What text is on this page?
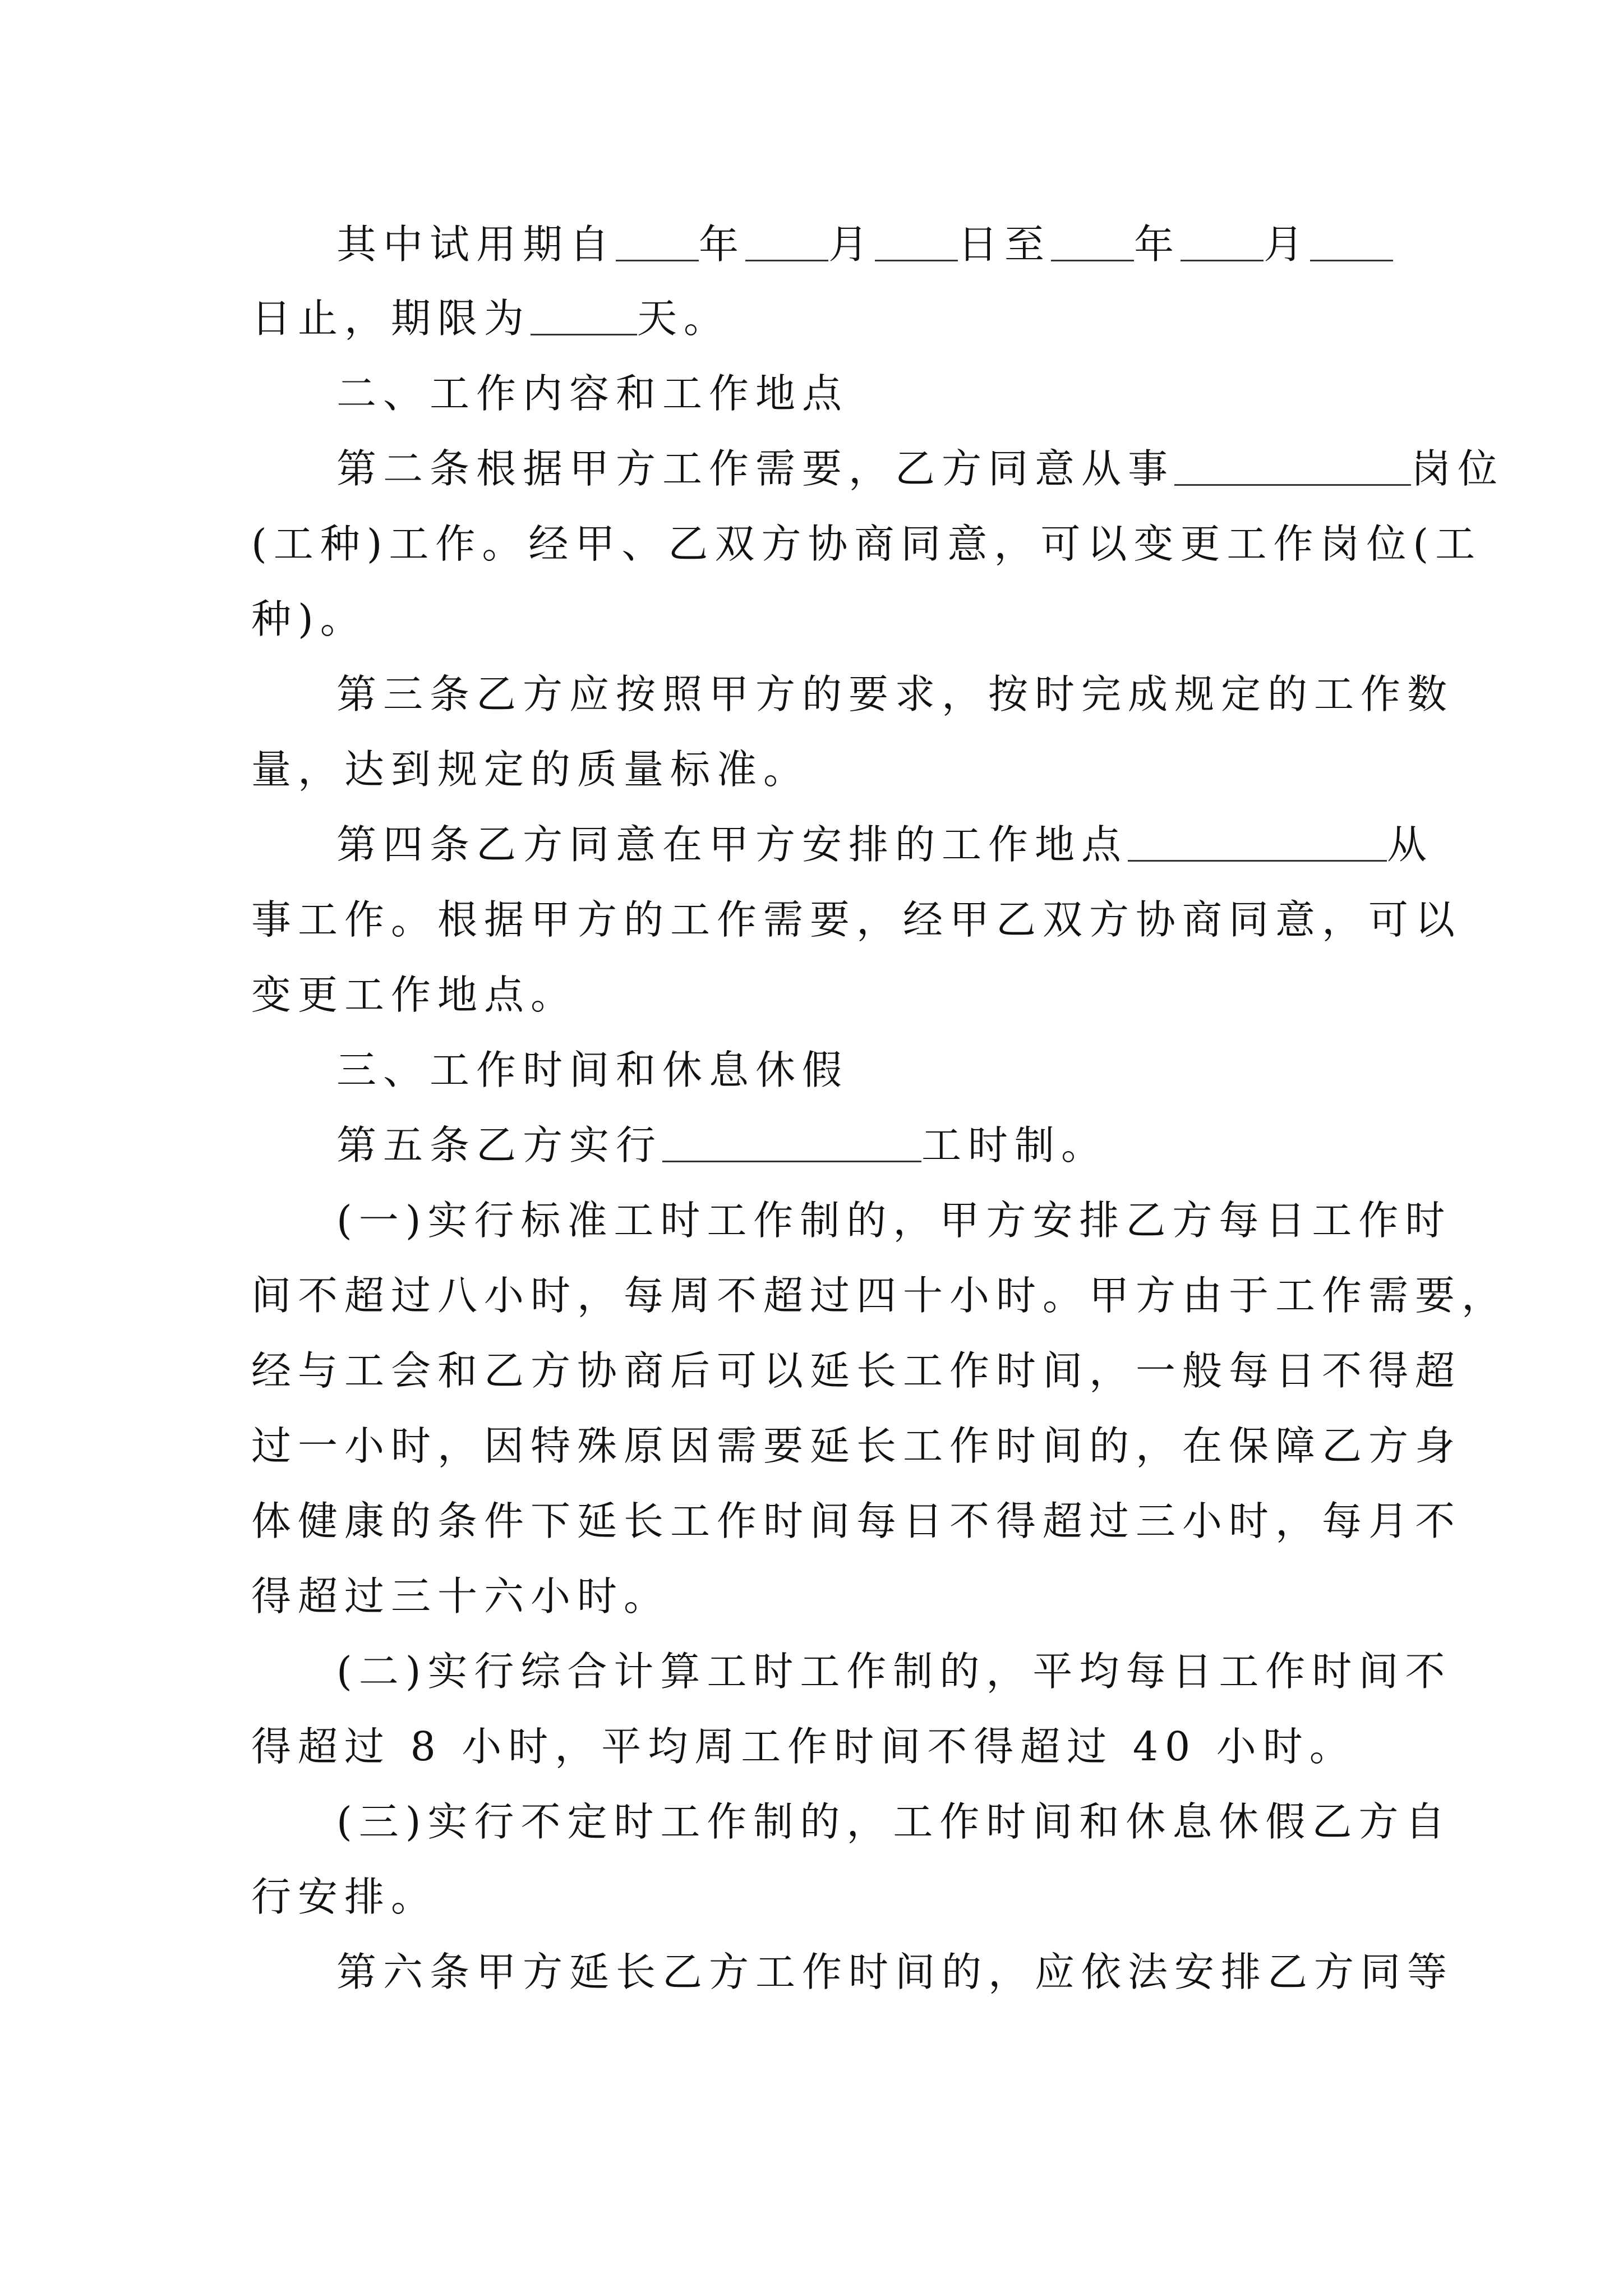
其中试用期自 年 月 日至 年 月
日止，期限为	天。
二、工作内容和工作地点
第二条根据甲方工作需要，乙方同意从事	岗位
(工种)工作。经甲、乙双方协商同意，可以变更工作岗位(工
种)。
第三条乙方应按照甲方的要求，按时完成规定的工作数
量，达到规定的质量标准。
第四条乙方同意在甲方安排的工作地点	从
事工作。根据甲方的工作需要，经甲乙双方协商同意，可以
变更工作地点。
三、工作时间和休息休假
第五条乙方实行	工时制。
(一)实行标准工时工作制的，甲方安排乙方每日工作时
间不超过八小时，每周不超过四十小时。甲方由于工作需要，
经与工会和乙方协商后可以延长工作时间，一般每日不得超
过一小时，因特殊原因需要延长工作时间的，在保障乙方身
体健康的条件下延长工作时间每日不得超过三小时，每月不
得超过三十六小时。
(二)实行综合计算工时工作制的，平均每日工作时间不
得超过 8 小时，平均周工作时间不得超过 40 小时。
(三)实行不定时工作制的，工作时间和休息休假乙方自
行安排。
第六条甲方延长乙方工作时间的，应依法安排乙方同等
